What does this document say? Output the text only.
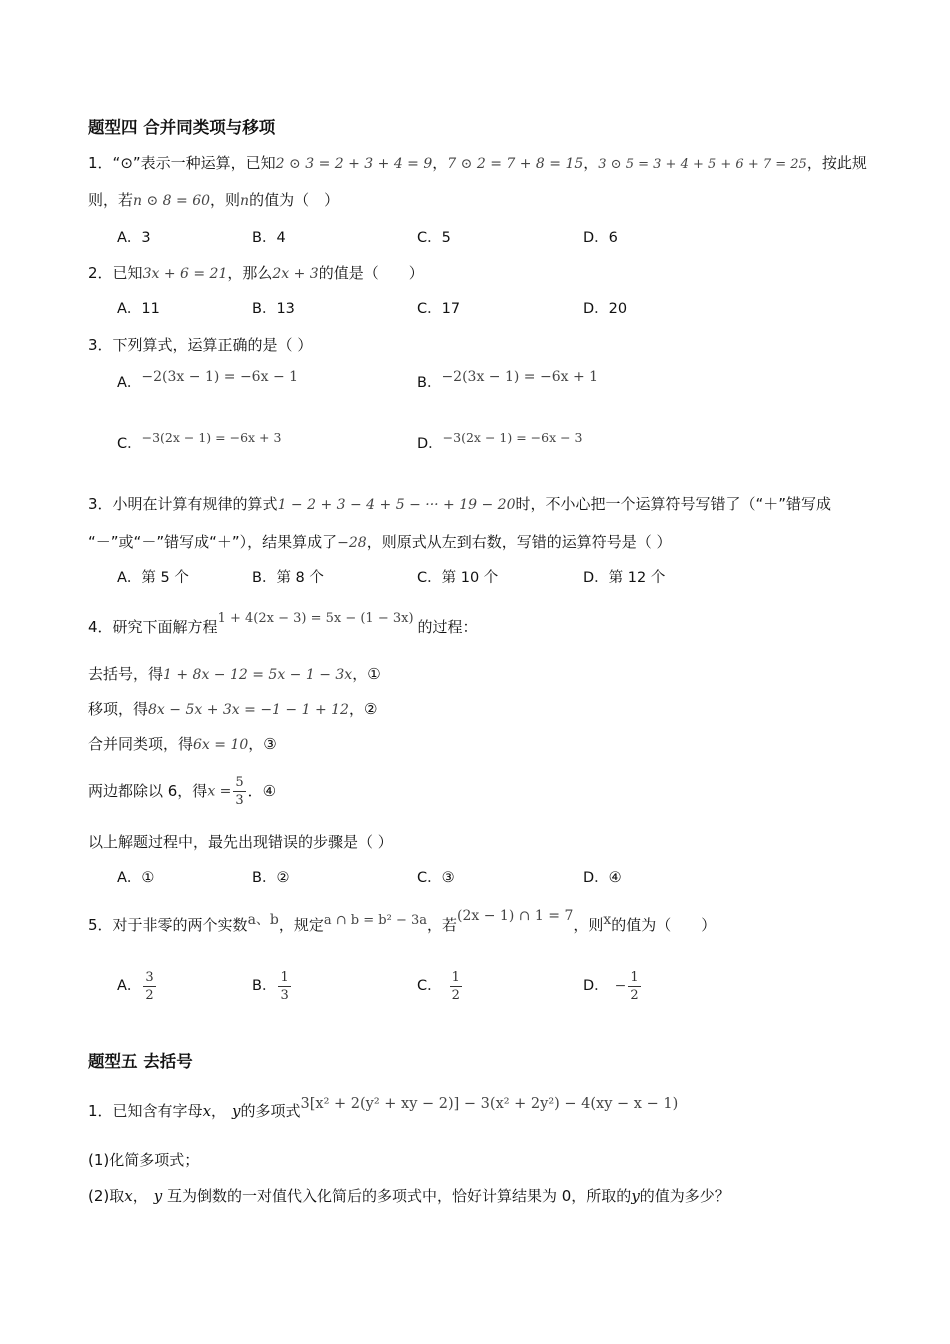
题型四 合并同类项与移项
1．“⊙”表示一种运算，已知2 ⊙ 3 = 2 + 3 + 4 = 9，7 ⊙ 2 = 7 + 8 = 15，3 ⊙ 5 = 3 + 4 + 5 + 6 + 7 = 25，按此规
则，若n ⊙ 8 = 60，则n的值为（　）
A．3	B．4	C．5	D．6
2．已知3x + 6 = 21，那么2x + 3的值是（　　）
A．11	B．13	C．17	D．20
3．下列算式，运算正确的是（ ）
A．−2(3x − 1) = −6x − 1	B．−2(3x − 1) = −6x + 1
C．−3(2x − 1) = −6x + 3	D．−3(2x − 1) = −6x − 3
3．小明在计算有规律的算式1 − 2 + 3 − 4 + 5 − ··· + 19 − 20时，不小心把一个运算符号写错了（“＋”错写成
“－”或“－”错写成“＋”），结果算成了−28，则原式从左到右数，写错的运算符号是（ ）
A．第 5 个	B．第 8 个	C．第 10 个	D．第 12 个
4．研究下面解方程1 + 4(2x − 3) = 5x − (1 − 3x) 的过程：
去括号，得1 + 8x − 12 = 5x − 1 − 3x，①
移项，得8x − 5x + 3x = −1 − 1 + 12，②
合并同类项，得6x = 10，③
两边都除以 6，得$x = \frac{5}{3}$ ．④
以上解题过程中，最先出现错误的步骤是（ ）
A．①	B．②	C．③	D．④
5．对于非零的两个实数a、b，规定a ∩ b = b² − 3a，若(2x − 1) ∩ 1 = 7，则x的值为（　　）
A． $\frac{3}{2}$	B． $\frac{1}{3}$	C． $\frac{1}{2}$	D． − $\frac{1}{2}$
题型五 去括号
1．已知含有字母x， y的多项式3[x² + 2(y² + xy − 2)] − 3(x² + 2y²) − 4(xy − x − 1)
(1)化简多项式；
(2)取x， y 互为倒数的一对值代入化简后的多项式中，恰好计算结果为 0，所取的y的值为多少？
